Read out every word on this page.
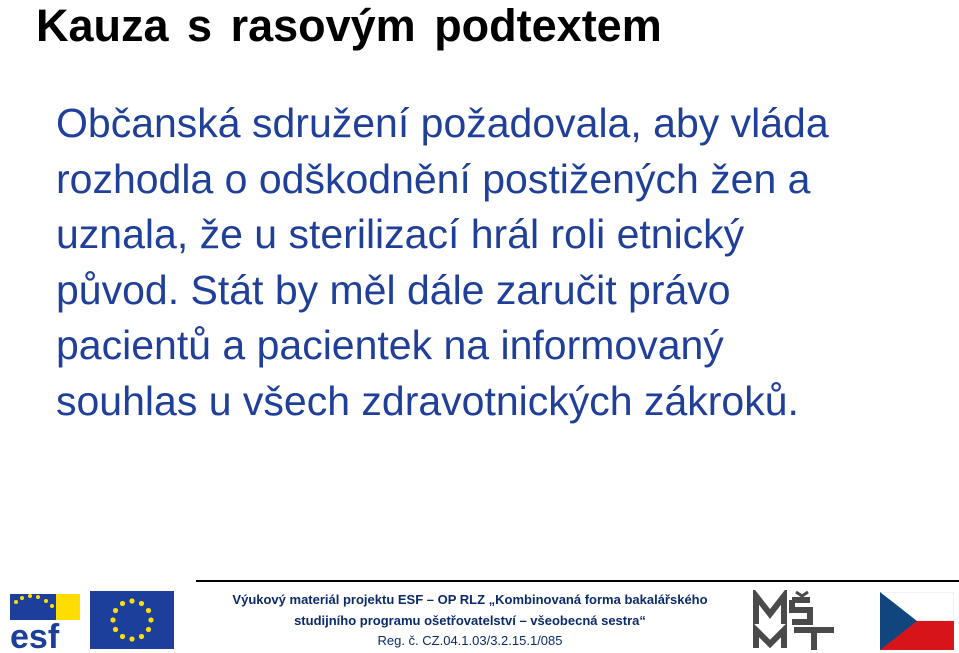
Kauza s rasovým podtextem
Občanská sdružení požadovala, aby vláda
rozhodla o odškodnění postižených žen a
uznala, že u sterilizací hrál roli etnický
původ. Stát by měl dále zaručit právo
pacientů a pacientek na informovaný
souhlas u všech zdravotnických zákroků.
esf
Výukový materiál projektu ESF – OP RLZ „Kombinovaná forma bakalářského
studijního programu ošetřovatelství – všeobecná sestra“
Reg. č. CZ.04.1.03/3.2.15.1/085
MŠMT
